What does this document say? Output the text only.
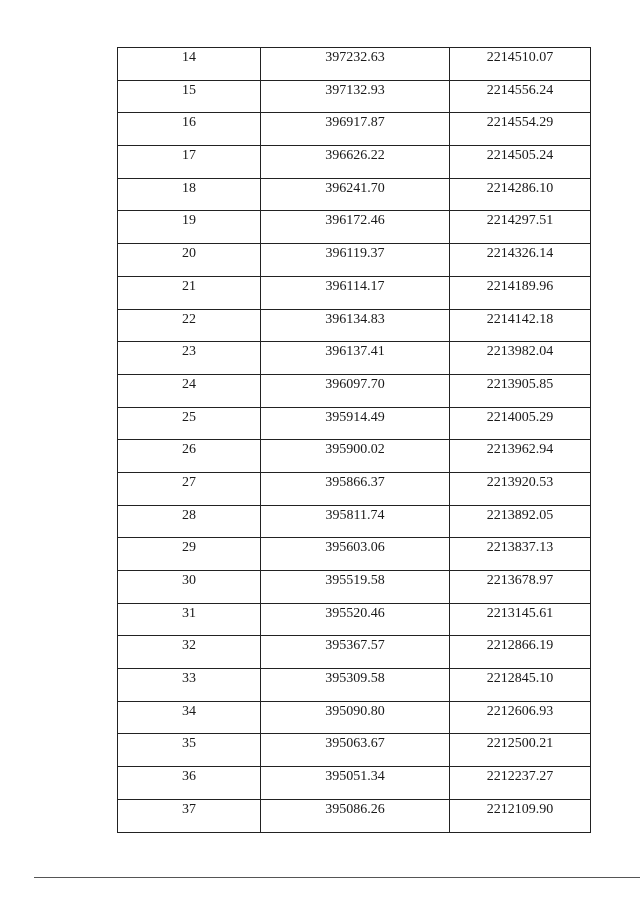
14	397232.63	2214510.07

15	397132.93	2214556.24

16	396917.87	2214554.29

17	396626.22	2214505.24

18	396241.70	2214286.10

19	396172.46	2214297.51

20	396119.37	2214326.14

21	396114.17	2214189.96

22	396134.83	2214142.18

23	396137.41	2213982.04

24	396097.70	2213905.85

25	395914.49	2214005.29

26	395900.02	2213962.94

27	395866.37	2213920.53

28	395811.74	2213892.05

29	395603.06	2213837.13

30	395519.58	2213678.97

31	395520.46	2213145.61

32	395367.57	2212866.19

33	395309.58	2212845.10

34	395090.80	2212606.93

35	395063.67	2212500.21

36	395051.34	2212237.27

37	395086.26	2212109.90
